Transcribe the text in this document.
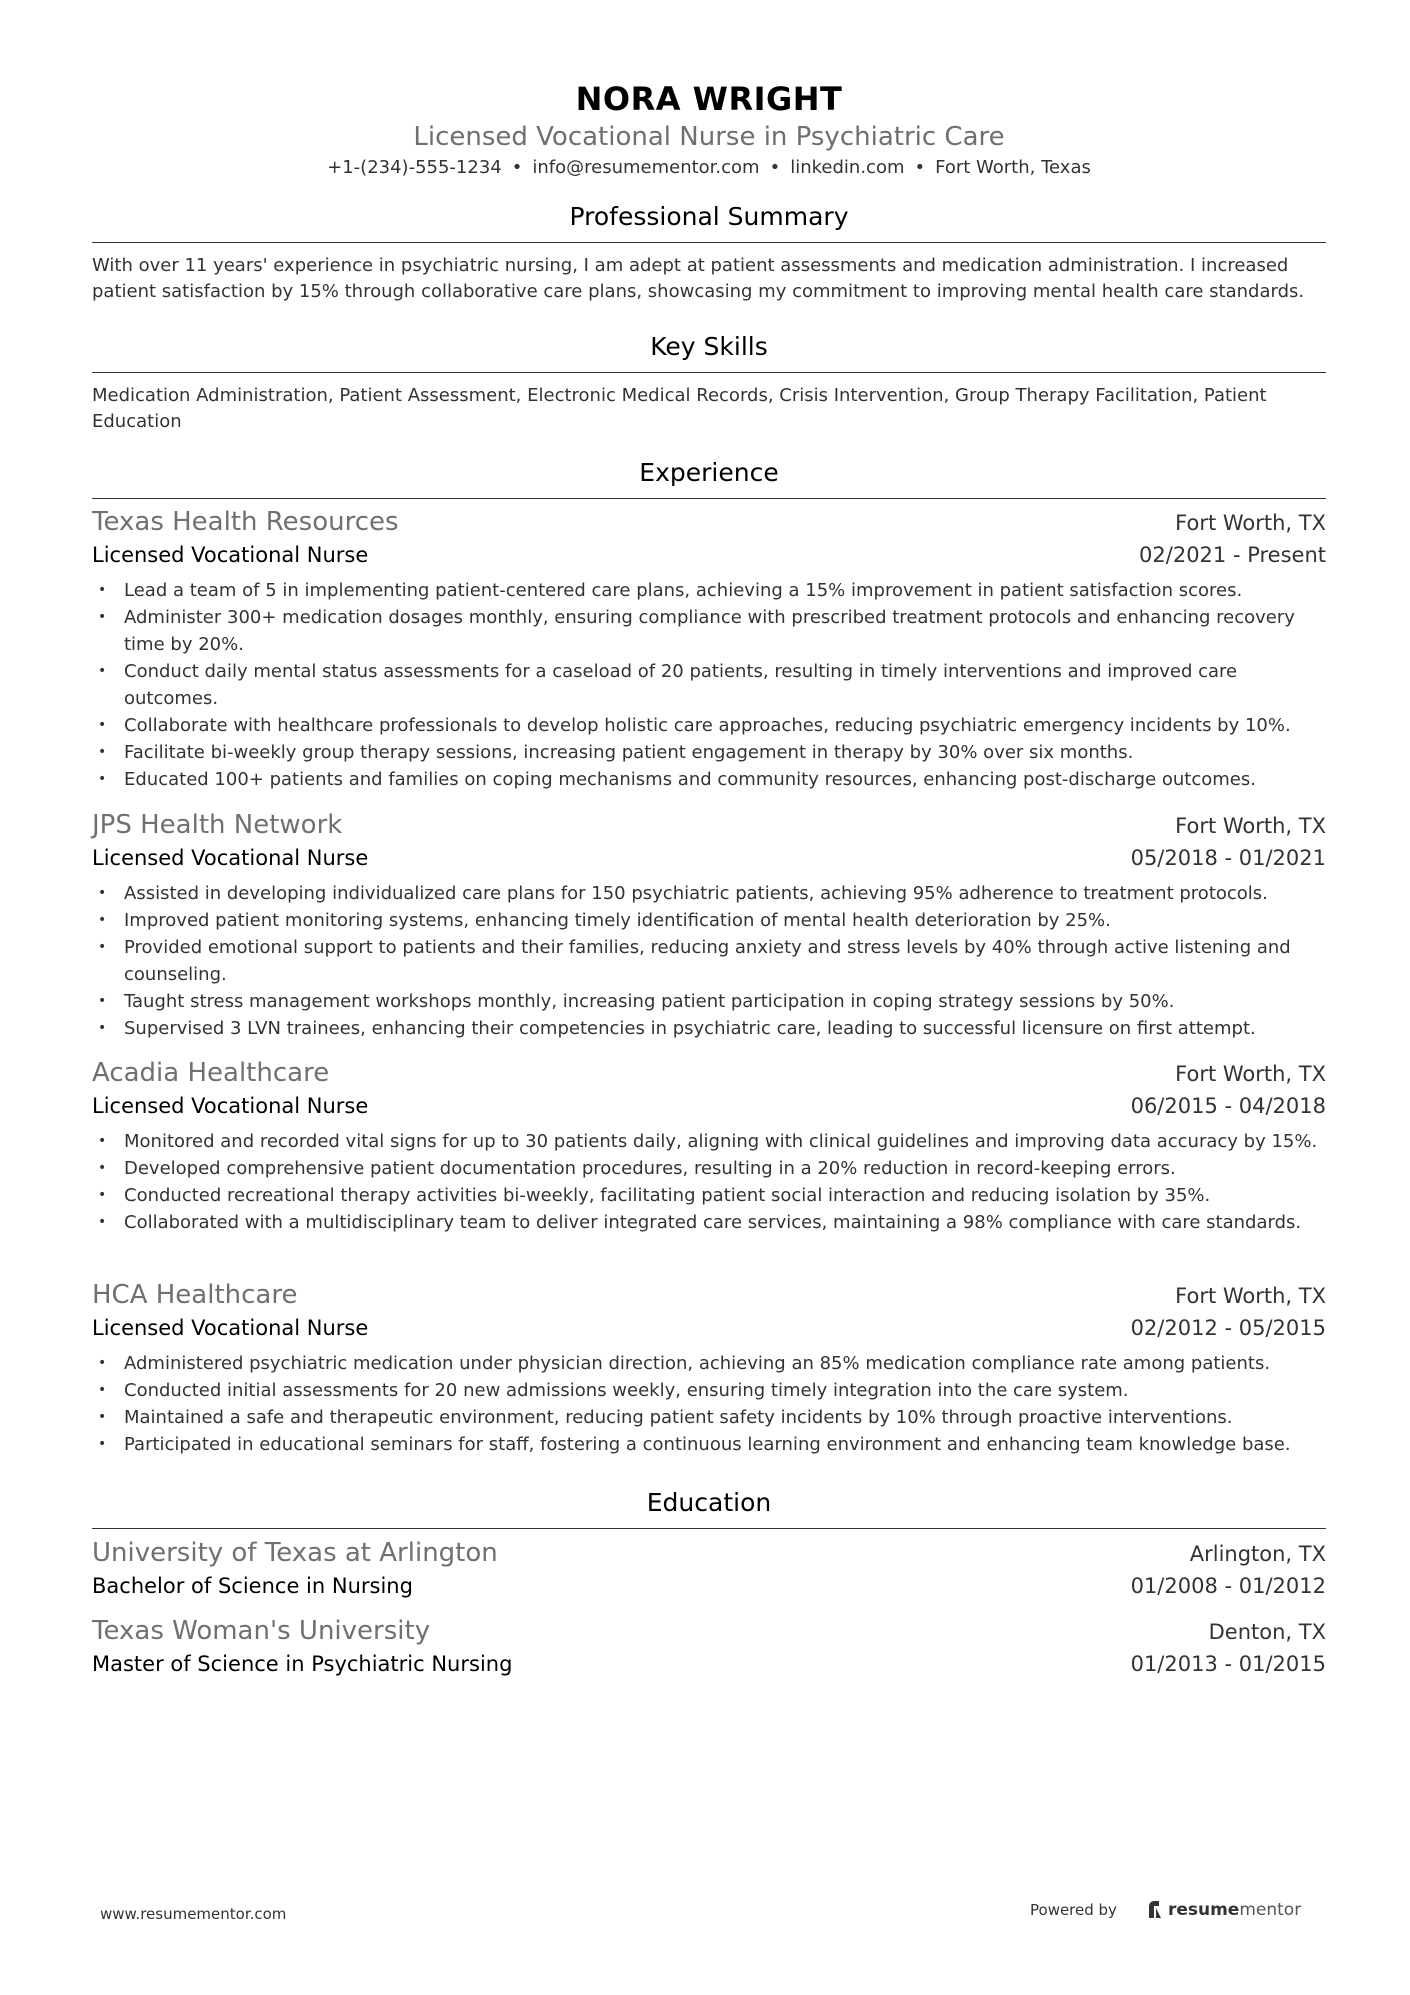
NORA WRIGHT
Licensed Vocational Nurse in Psychiatric Care
+1-(234)-555-1234 • info@resumementor.com • linkedin.com • Fort Worth, Texas
Professional Summary
With over 11 years' experience in psychiatric nursing, I am adept at patient assessments and medication administration. I increased patient satisfaction by 15% through collaborative care plans, showcasing my commitment to improving mental health care standards.
Key Skills
Medication Administration, Patient Assessment, Electronic Medical Records, Crisis Intervention, Group Therapy Facilitation, Patient Education
Experience
Texas Health Resources	Fort Worth, TX
Licensed Vocational Nurse	02/2021 - Present
• Lead a team of 5 in implementing patient-centered care plans, achieving a 15% improvement in patient satisfaction scores.
• Administer 300+ medication dosages monthly, ensuring compliance with prescribed treatment protocols and enhancing recovery time by 20%.
• Conduct daily mental status assessments for a caseload of 20 patients, resulting in timely interventions and improved care outcomes.
• Collaborate with healthcare professionals to develop holistic care approaches, reducing psychiatric emergency incidents by 10%.
• Facilitate bi-weekly group therapy sessions, increasing patient engagement in therapy by 30% over six months.
• Educated 100+ patients and families on coping mechanisms and community resources, enhancing post-discharge outcomes.
JPS Health Network	Fort Worth, TX
Licensed Vocational Nurse	05/2018 - 01/2021
• Assisted in developing individualized care plans for 150 psychiatric patients, achieving 95% adherence to treatment protocols.
• Improved patient monitoring systems, enhancing timely identification of mental health deterioration by 25%.
• Provided emotional support to patients and their families, reducing anxiety and stress levels by 40% through active listening and counseling.
• Taught stress management workshops monthly, increasing patient participation in coping strategy sessions by 50%.
• Supervised 3 LVN trainees, enhancing their competencies in psychiatric care, leading to successful licensure on first attempt.
Acadia Healthcare	Fort Worth, TX
Licensed Vocational Nurse	06/2015 - 04/2018
• Monitored and recorded vital signs for up to 30 patients daily, aligning with clinical guidelines and improving data accuracy by 15%.
• Developed comprehensive patient documentation procedures, resulting in a 20% reduction in record-keeping errors.
• Conducted recreational therapy activities bi-weekly, facilitating patient social interaction and reducing isolation by 35%.
• Collaborated with a multidisciplinary team to deliver integrated care services, maintaining a 98% compliance with care standards.
HCA Healthcare	Fort Worth, TX
Licensed Vocational Nurse	02/2012 - 05/2015
• Administered psychiatric medication under physician direction, achieving an 85% medication compliance rate among patients.
• Conducted initial assessments for 20 new admissions weekly, ensuring timely integration into the care system.
• Maintained a safe and therapeutic environment, reducing patient safety incidents by 10% through proactive interventions.
• Participated in educational seminars for staff, fostering a continuous learning environment and enhancing team knowledge base.
Education
University of Texas at Arlington	Arlington, TX
Bachelor of Science in Nursing	01/2008 - 01/2012
Texas Woman's University	Denton, TX
Master of Science in Psychiatric Nursing	01/2013 - 01/2015
www.resumementor.com	Powered by	resume mentor
